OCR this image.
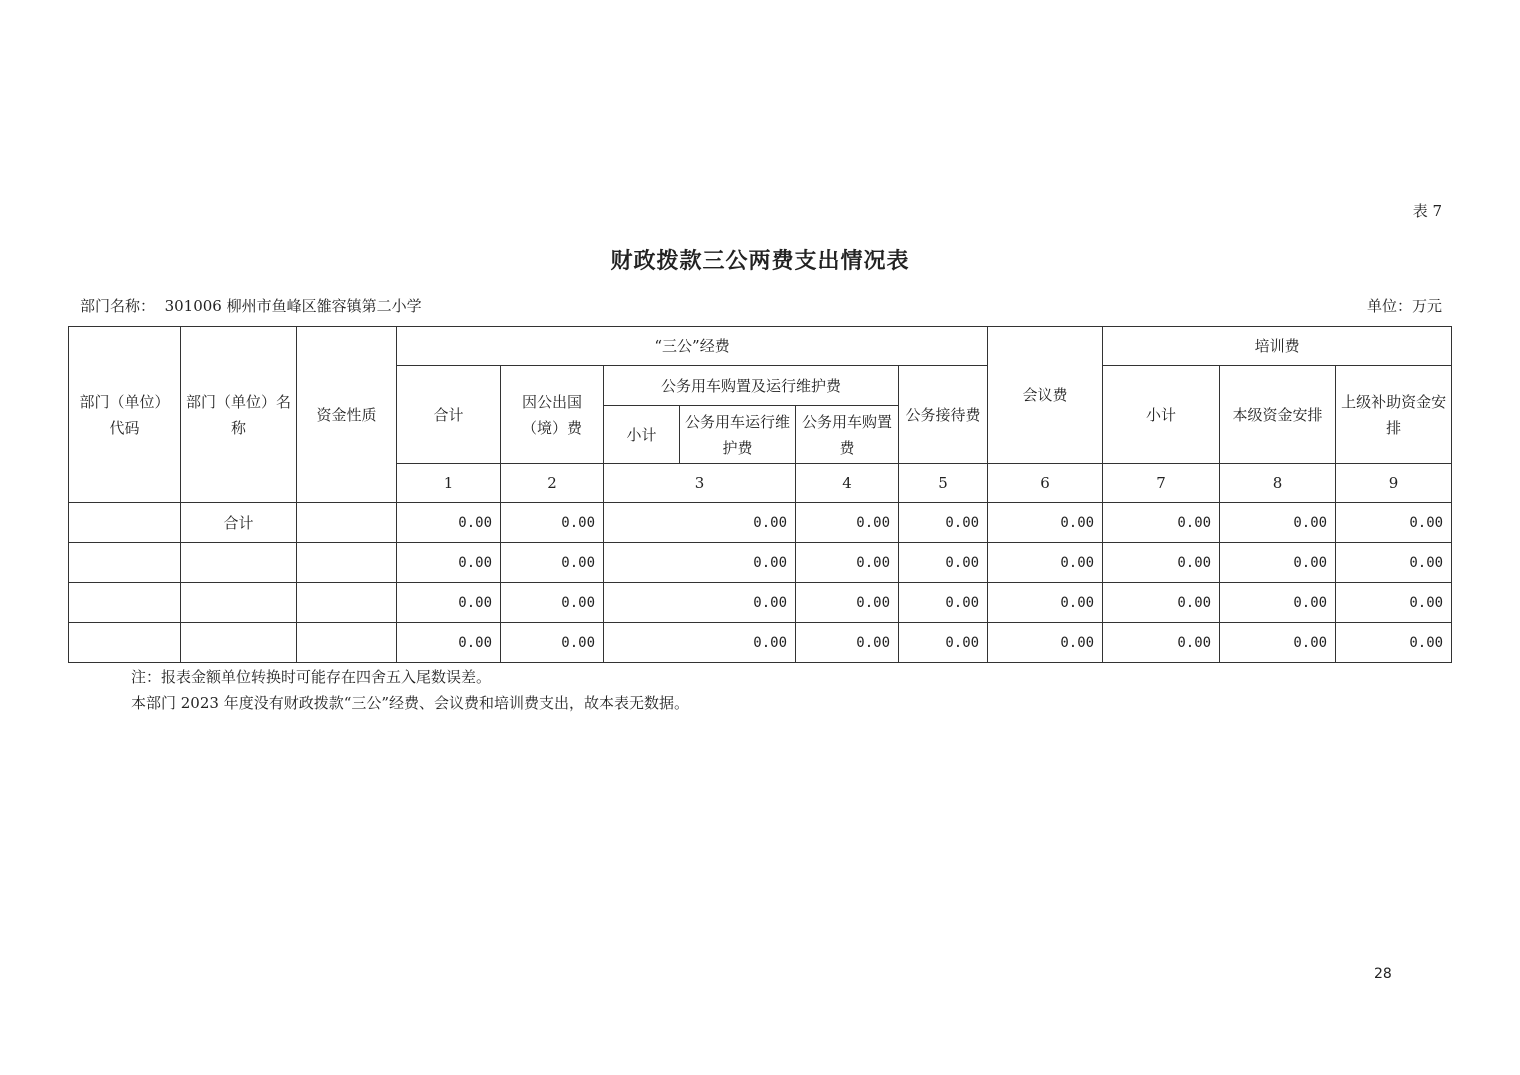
表 7
财政拨款三公两费支出情况表
部门名称： 301006 柳州市鱼峰区雒容镇第二小学	单位：万元
部门（单位）代码	部门（单位）名称	资金性质	“三公”经费						会议费	培训费			
			合计	因公出国（境）费	公务用车购置及运行维护费			公务接待费		小计	本级资金安排	上级补助资金安排	
					小计	公务用车运行维护费	公务用车购置费						
			1	2	3		4	5	6	7	8	9	
	合计		0.00	0.00	0.00		0.00	0.00	0.00	0.00	0.00	0.00	
			0.00	0.00	0.00		0.00	0.00	0.00	0.00	0.00	0.00	
			0.00	0.00	0.00		0.00	0.00	0.00	0.00	0.00	0.00	
			0.00	0.00	0.00		0.00	0.00	0.00	0.00	0.00	0.00	
注：报表金额单位转换时可能存在四舍五入尾数误差。
本部门 2023 年度没有财政拨款“三公”经费、会议费和培训费支出，故本表无数据。
28
